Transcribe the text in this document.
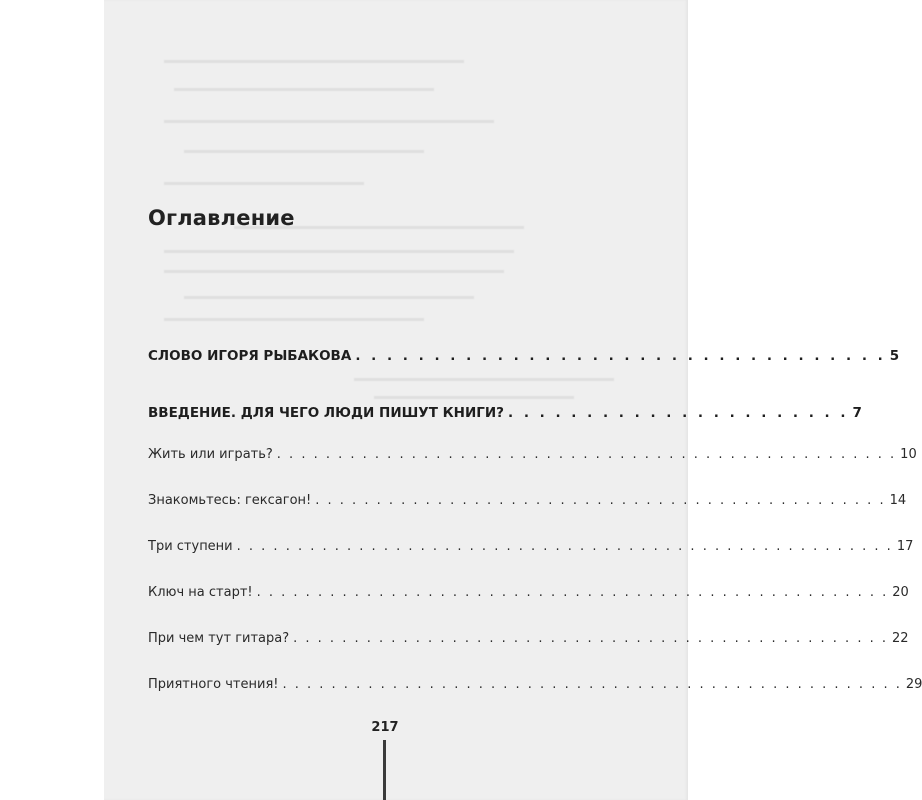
Оглавление
СЛОВО ИГОРЯ РЫБАКОВА . . . . . . . . . . . . . . . . . . . . . . . . . . . . . . . . . . 5
ВВЕДЕНИЕ. ДЛЯ ЧЕГО ЛЮДИ ПИШУТ КНИГИ? . . . . . . . . . . . . . . . . . . . . . . 7
Жить или играть? . . . . . . . . . . . . . . . . . . . . . . . . . . . . . . . . . . . . . . . . . . . . . . . . . . . 10
Знакомьтесь: гексагон! . . . . . . . . . . . . . . . . . . . . . . . . . . . . . . . . . . . . . . . . . . . . . . . 14
Три ступени . . . . . . . . . . . . . . . . . . . . . . . . . . . . . . . . . . . . . . . . . . . . . . . . . . . . . . 17
Ключ на старт! . . . . . . . . . . . . . . . . . . . . . . . . . . . . . . . . . . . . . . . . . . . . . . . . . . . . 20
При чем тут гитара? . . . . . . . . . . . . . . . . . . . . . . . . . . . . . . . . . . . . . . . . . . . . . . . . . 22
Приятного чтения! . . . . . . . . . . . . . . . . . . . . . . . . . . . . . . . . . . . . . . . . . . . . . . . . . . . 29
217
